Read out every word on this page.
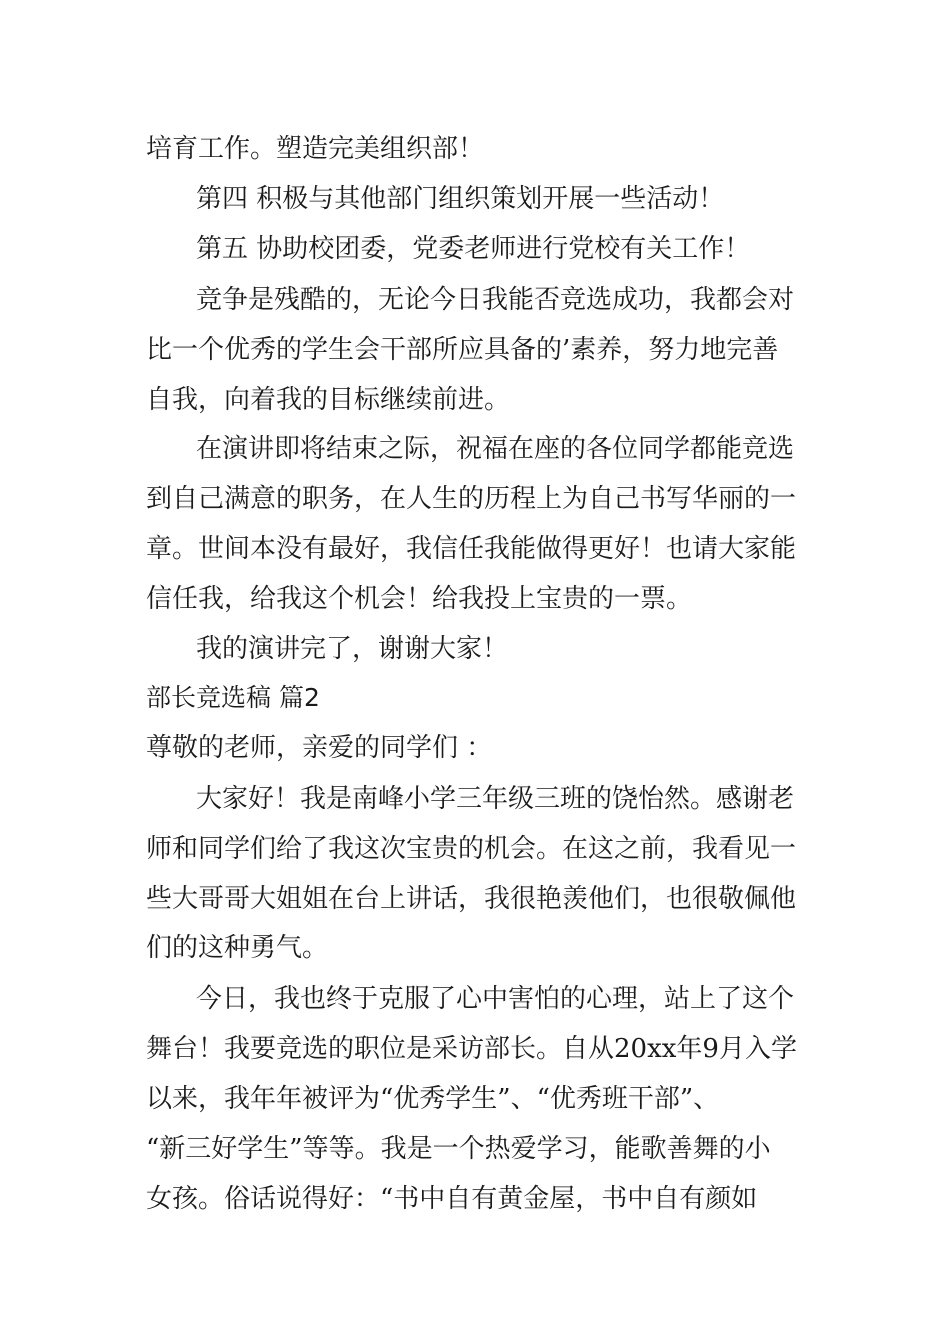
培育工作。塑造完美组织部！

第四 积极与其他部门组织策划开展一些活动！

第五 协助校团委，党委老师进行党校有关工作！

竞争是残酷的，无论今日我能否竞选成功，我都会对

比一个优秀的学生会干部所应具备的’素养，努力地完善

自我，向着我的目标继续前进。

在演讲即将结束之际，祝福在座的各位同学都能竞选

到自己满意的职务，在人生的历程上为自己书写华丽的一

章。世间本没有最好，我信任我能做得更好！也请大家能

信任我，给我这个机会！给我投上宝贵的一票。

我的演讲完了，谢谢大家！

部长竞选稿 篇2

尊敬的老师，亲爱的同学们 ：

大家好！我是南峰小学三年级三班的饶怡然。感谢老

师和同学们给了我这次宝贵的机会。在这之前，我看见一

些大哥哥大姐姐在台上讲话，我很艳羡他们，也很敬佩他

们的这种勇气。

今日，我也终于克服了心中害怕的心理，站上了这个

舞台！我要竞选的职位是采访部长。自从20xx年9月入学

以来，我年年被评为“优秀学生”、“优秀班干部”、

“新三好学生”等等。我是一个热爱学习，能歌善舞的小

女孩。俗话说得好：“书中自有黄金屋，书中自有颜如
